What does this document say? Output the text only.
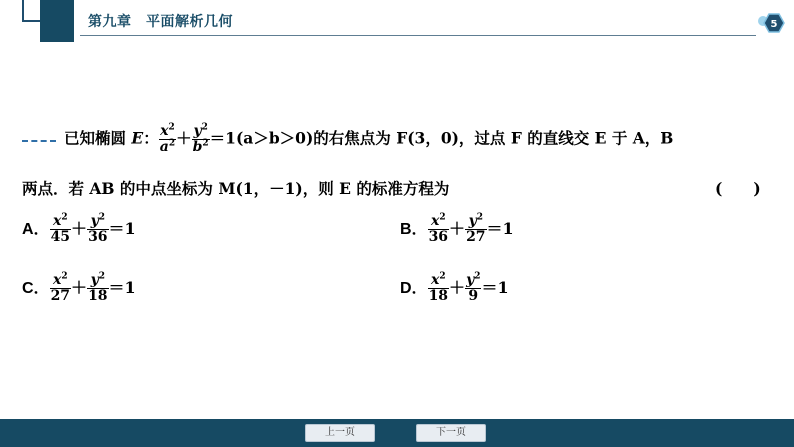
第九章　平面解析几何	5
已知椭圆 E： $\frac{x^2}{a^2} + \frac{y^2}{b^2} =1(a>b>0)$的右焦点为 F(3，0)，过点 F 的直线交 E 于 A，B
两点．若 AB 的中点坐标为 M(1，－1)，则 E 的标准方程为	(　　)
A． $\frac{x^2}{45} + \frac{y^2}{36} =1$	B． $\frac{x^2}{36} + \frac{y^2}{27} =1$
C． $\frac{x^2}{27} + \frac{y^2}{18} =1$	D． $\frac{x^2}{18} + \frac{y^2}{9} =1$
上一页	下一页
